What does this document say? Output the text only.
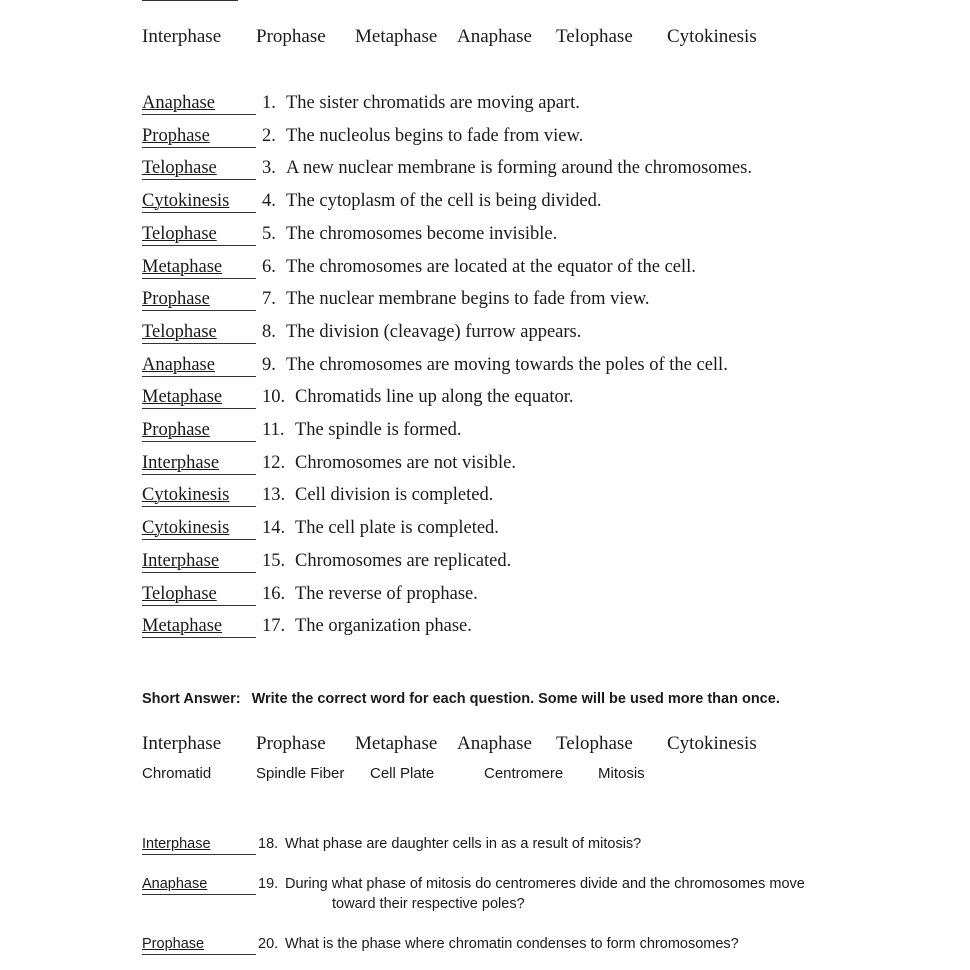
Interphase Prophase Metaphase Anaphase Telophase Cytokinesis
Anaphase	1. The sister chromatids are moving apart.
Prophase	2. The nucleolus begins to fade from view.
Telophase	3. A new nuclear membrane is forming around the chromosomes.
Cytokinesis	4. The cytoplasm of the cell is being divided.
Telophase	5. The chromosomes become invisible.
Metaphase	6. The chromosomes are located at the equator of the cell.
Prophase	7. The nuclear membrane begins to fade from view.
Telophase	8. The division (cleavage) furrow appears.
Anaphase	9. The chromosomes are moving towards the poles of the cell.
Metaphase	10. Chromatids line up along the equator.
Prophase	11. The spindle is formed.
Interphase	12. Chromosomes are not visible.
Cytokinesis	13. Cell division is completed.
Cytokinesis	14. The cell plate is completed.
Interphase	15. Chromosomes are replicated.
Telophase	16. The reverse of prophase.
Metaphase	17. The organization phase.
Short Answer: Write the correct word for each question. Some will be used more than once.
Interphase Prophase Metaphase Anaphase Telophase Cytokinesis
Chromatid	Spindle Fiber Cell Plate	Centromere Mitosis
Interphase	18. What phase are daughter cells in as a result of mitosis?
Anaphase	19. During what phase of mitosis do centromeres divide and the chromosomes move
toward their respective poles?
Prophase	20. What is the phase where chromatin condenses to form chromosomes?
